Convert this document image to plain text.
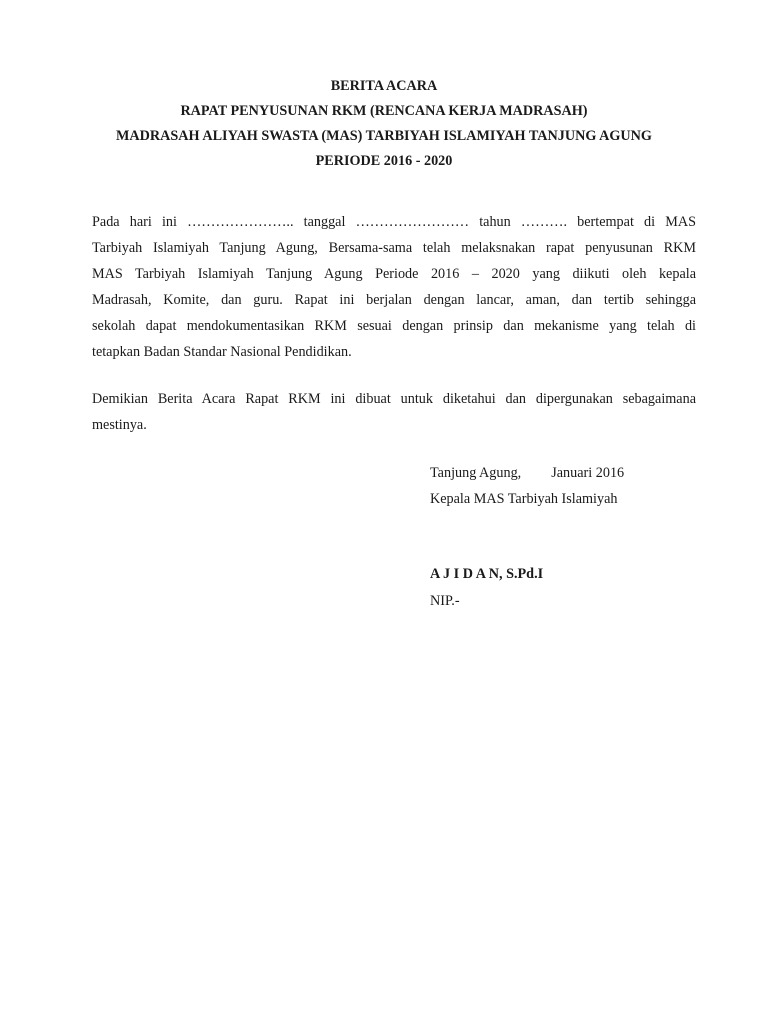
BERITA ACARA
RAPAT PENYUSUNAN RKM (RENCANA KERJA MADRASAH)
MADRASAH ALIYAH SWASTA (MAS) TARBIYAH ISLAMIYAH TANJUNG AGUNG
PERIODE 2016 - 2020
Pada hari ini ………………….. tanggal …………………… tahun ………. bertempat di MAS
Tarbiyah Islamiyah Tanjung Agung, Bersama-sama telah melaksnakan rapat penyusunan RKM
MAS Tarbiyah Islamiyah Tanjung Agung Periode 2016 – 2020 yang diikuti oleh kepala
Madrasah, Komite, dan guru. Rapat ini berjalan dengan lancar, aman, dan tertib sehingga
sekolah dapat mendokumentasikan RKM sesuai dengan prinsip dan mekanisme yang telah di
tetapkan Badan Standar Nasional Pendidikan.
Demikian Berita Acara Rapat RKM ini dibuat untuk diketahui dan dipergunakan sebagaimana
mestinya.
Tanjung Agung, Januari 2016
Kepala MAS Tarbiyah Islamiyah
A J I D A N, S.Pd.I
NIP.-
